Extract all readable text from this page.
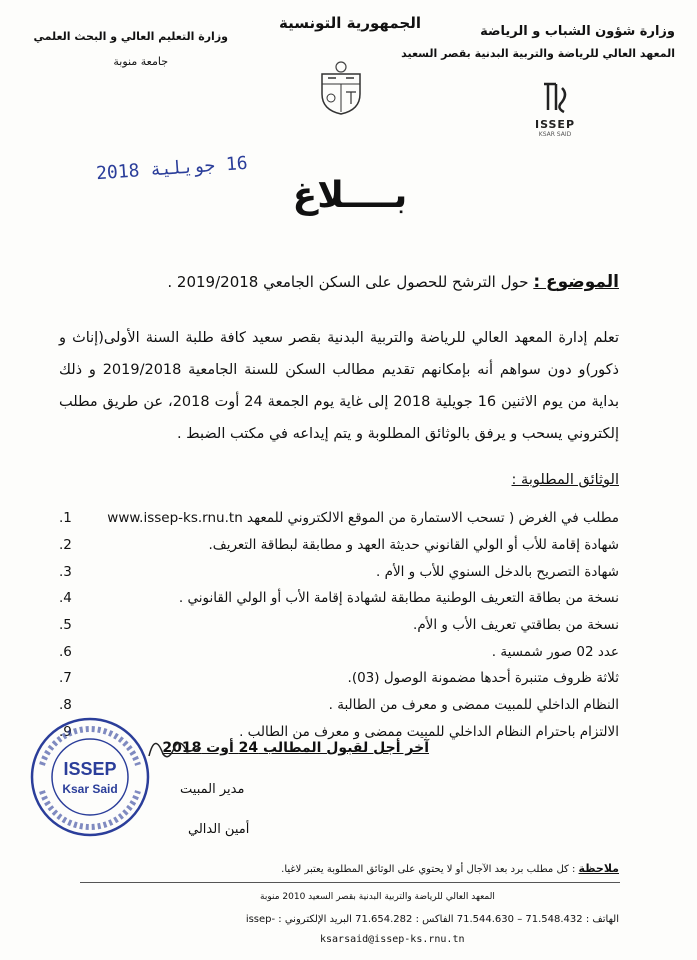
وزارة شؤون الشباب و الرياضة
المعهد العالي للرياضة والتربية البدنية بقصر السعيد
الجمهورية التونسية
وزارة التعليم العالي و البحث العلمي
جامعة منوبة
ISSEP
KSAR SAID
16 جويلية 2018
بــــلاغ
الموضوع : حول الترشح للحصول على السكن الجامعي 2019/2018 .
تعلم إدارة المعهد العالي للرياضة والتربية البدنية بقصر سعيد كافة طلبة السنة الأولى(إناث و ذكور)و دون سواهم أنه بإمكانهم تقديم مطالب السكن للسنة الجامعية 2019/2018 و ذلك بداية من يوم الاثنين 16 جويلية 2018 إلى غاية يوم الجمعة 24 أوت 2018، عن طريق مطلب إلكتروني يسحب و يرفق بالوثائق المطلوبة و يتم إيداعه في مكتب الضبط .
الوثائق المطلوبة :
1.	مطلب في الغرض ( تسحب الاستمارة من الموقع الالكتروني للمعهد www.issep-ks.rnu.tn
2.	شهادة إقامة للأب أو الولي القانوني حديثة العهد و مطابقة لبطاقة التعريف.
3.	شهادة التصريح بالدخل السنوي للأب و الأم .
4.	نسخة من بطاقة التعريف الوطنية مطابقة لشهادة إقامة الأب أو الولي القانوني .
5.	نسخة من بطاقتي تعريف الأب و الأم.
6.	عدد 02 صور شمسية .
7.	ثلاثة ظروف متنبرة أحدها مضمونة الوصول (03).
8.	النظام الداخلي للمبيت ممضى و معرف من الطالبة .
9.	الالتزام باحترام النظام الداخلي للمبيت ممضى و معرف من الطالب .
آخر أجل لقبول المطالب 24 أوت 2018
ISSEP
Ksar Said	مدير المبيت
أمين الدالي
ملاحظة : كل مطلب برد بعد الآجال أو لا يحتوي على الوثائق المطلوبة يعتبر لاغيا.
المعهد العالي للرياضة والتربية البدنية بقصر السعيد 2010 منوبة
الهاتف : 71.548.432 – 71.544.630 الفاكس : 71.654.282 البريد الإلكتروني : -issep
ksarsaid@issep-ks.rnu.tn
